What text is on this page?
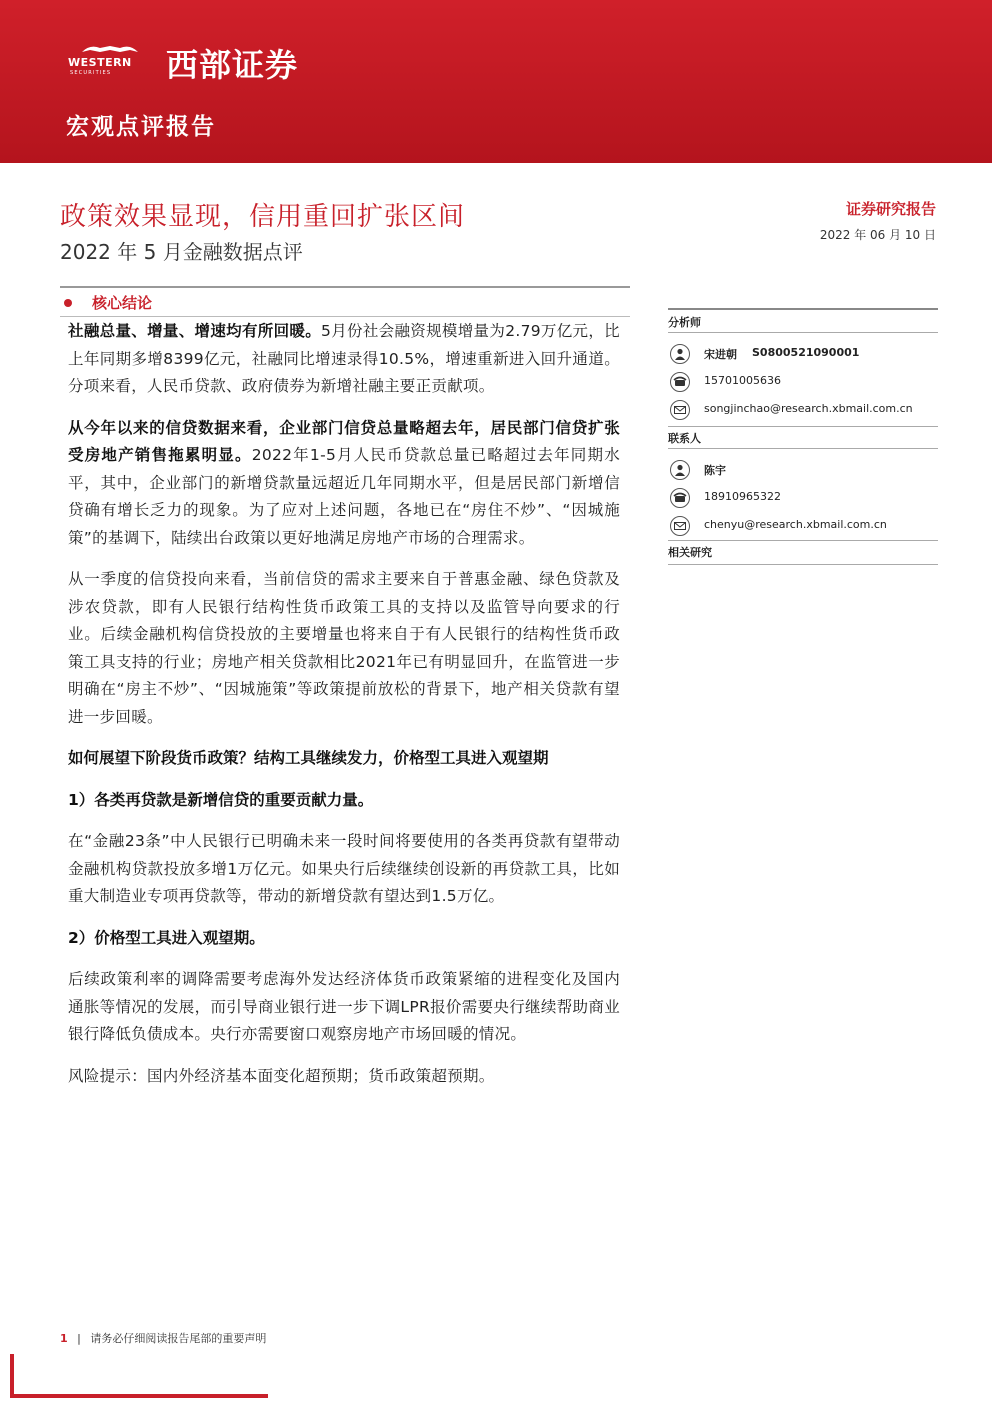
WESTERN
SECURITIES 西部证券
宏观点评报告
政策效果显现，信用重回扩张区间
2022 年 5 月金融数据点评
证券研究报告
2022 年 06 月 10 日
核心结论

社融总量、增量、增速均有所回暖。5月份社会融资规模增量为2.79万亿元，比上年同期多增8399亿元，社融同比增速录得10.5%，增速重新进入回升通道。分项来看，人民币贷款、政府债券为新增社融主要正贡献项。

从今年以来的信贷数据来看，企业部门信贷总量略超去年，居民部门信贷扩张受房地产销售拖累明显。2022年1-5月人民币贷款总量已略超过去年同期水平，其中，企业部门的新增贷款量远超近几年同期水平，但是居民部门新增信贷确有增长乏力的现象。为了应对上述问题，各地已在“房住不炒”、“因城施策”的基调下，陆续出台政策以更好地满足房地产市场的合理需求。

从一季度的信贷投向来看，当前信贷的需求主要来自于普惠金融、绿色贷款及涉农贷款，即有人民银行结构性货币政策工具的支持以及监管导向要求的行业。后续金融机构信贷投放的主要增量也将来自于有人民银行的结构性货币政策工具支持的行业；房地产相关贷款相比2021年已有明显回升，在监管进一步明确在“房主不炒”、“因城施策”等政策提前放松的背景下，地产相关贷款有望进一步回暖。

如何展望下阶段货币政策？结构工具继续发力，价格型工具进入观望期

1）各类再贷款是新增信贷的重要贡献力量。

在“金融23条”中人民银行已明确未来一段时间将要使用的各类再贷款有望带动金融机构贷款投放多增1万亿元。如果央行后续继续创设新的再贷款工具，比如重大制造业专项再贷款等，带动的新增贷款有望达到1.5万亿。

2）价格型工具进入观望期。

后续政策利率的调降需要考虑海外发达经济体货币政策紧缩的进程变化及国内通胀等情况的发展，而引导商业银行进一步下调LPR报价需要央行继续帮助商业银行降低负债成本。央行亦需要窗口观察房地产市场回暖的情况。

风险提示：国内外经济基本面变化超预期；货币政策超预期。

分析师
宋进朝 S0800521090001
15701005636
songjinchao@research.xbmail.com.cn
联系人
陈宇
18910965322
chenyu@research.xbmail.com.cn
相关研究
1 | 请务必仔细阅读报告尾部的重要声明
